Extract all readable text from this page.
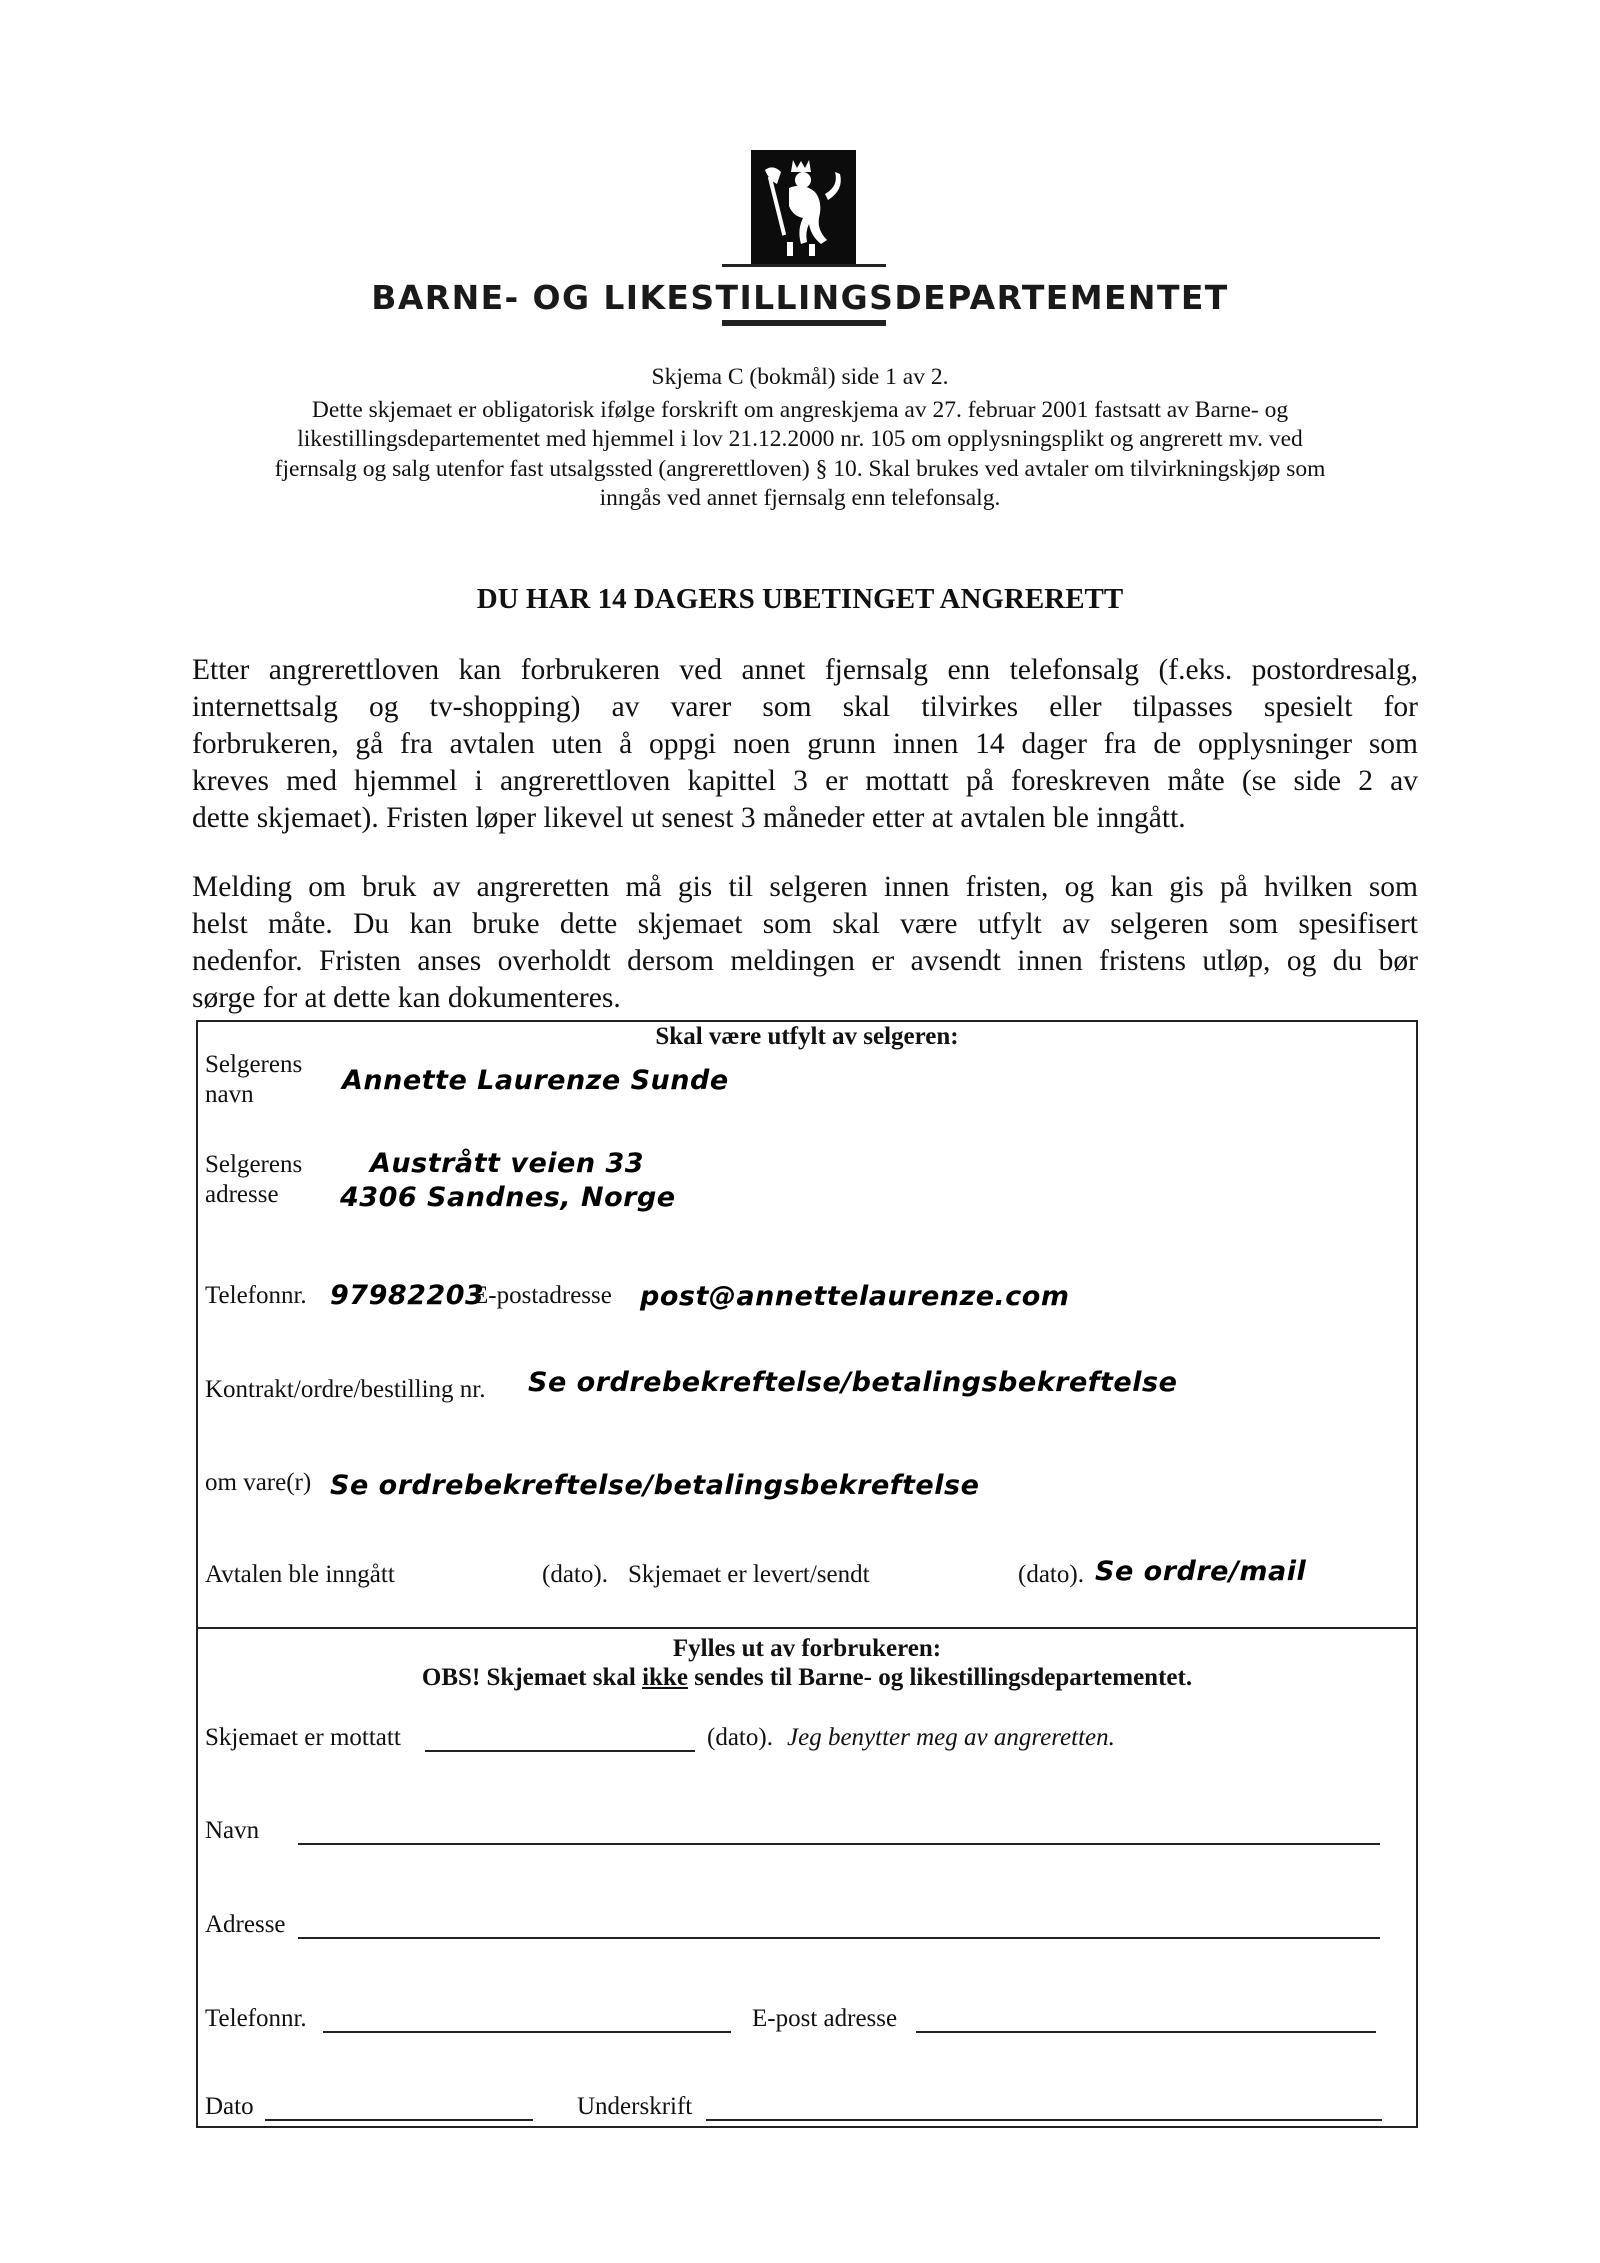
BARNE- OG LIKESTILLINGSDEPARTEMENTET
Skjema C (bokmål) side 1 av 2.
Dette skjemaet er obligatorisk ifølge forskrift om angreskjema av 27. februar 2001 fastsatt av Barne- og
likestillingsdepartementet med hjemmel i lov 21.12.2000 nr. 105 om opplysningsplikt og angrerett mv. ved
fjernsalg og salg utenfor fast utsalgssted (angrerettloven) § 10. Skal brukes ved avtaler om tilvirkningskjøp som
inngås ved annet fjernsalg enn telefonsalg.
DU HAR 14 DAGERS UBETINGET ANGRERETT
Etter angrerettloven kan forbrukeren ved annet fjernsalg enn telefonsalg (f.eks. postordresalg,
internettsalg og tv-shopping) av varer som skal tilvirkes eller tilpasses spesielt for
forbrukeren, gå fra avtalen uten å oppgi noen grunn innen 14 dager fra de opplysninger som
kreves med hjemmel i angrerettloven kapittel 3 er mottatt på foreskreven måte (se side 2 av
dette skjemaet). Fristen løper likevel ut senest 3 måneder etter at avtalen ble inngått.
Melding om bruk av angreretten må gis til selgeren innen fristen, og kan gis på hvilken som
helst måte. Du kan bruke dette skjemaet som skal være utfylt av selgeren som spesifisert
nedenfor. Fristen anses overholdt dersom meldingen er avsendt innen fristens utløp, og du bør
sørge for at dette kan dokumenteres.
Skal være utfylt av selgeren:
Selgerens
navn	Annette Laurenze Sunde
Selgerens
adresse
Austrått veien 33
4306 Sandnes, Norge
Telefonnr. 97982203
E-postadresse post@annettelaurenze.com
Kontrakt/ordre/bestilling nr. Se ordrebekreftelse/betalingsbekreftelse
om vare(r) Se ordrebekreftelse/betalingsbekreftelse
Avtalen ble inngått	(dato). Skjemaet er levert/sendt	(dato). Se ordre/mail
Fylles ut av forbrukeren:
OBS! Skjemaet skal ikke sendes til Barne- og likestillingsdepartementet.
Skjemaet er mottatt	(dato). Jeg benytter meg av angreretten.
Navn
Adresse
Telefonnr.	E-post adresse
Dato	Underskrift
